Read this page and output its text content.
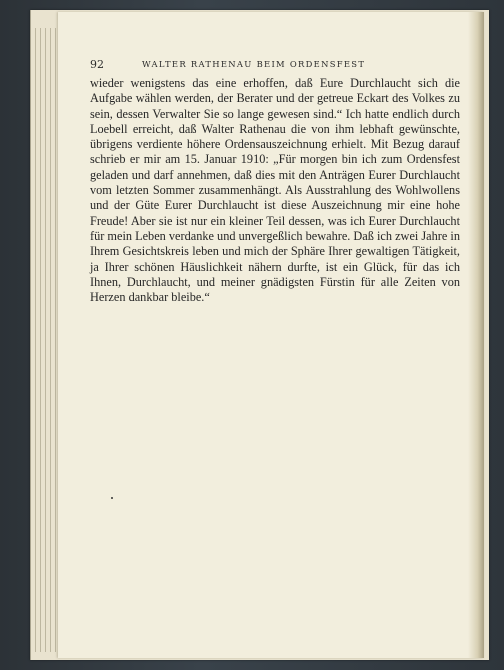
92	WALTER RATHENAU BEIM ORDENSFEST
wieder wenigstens das eine erhoffen, daß Eure Durchlaucht sich die
Aufgabe wählen werden, der Berater und der getreue Eckart des Volkes zu
sein, dessen Verwalter Sie so lange gewesen sind.“ Ich hatte endlich durch
Loebell erreicht, daß Walter Rathenau die von ihm lebhaft gewünschte,
übrigens verdiente höhere Ordensauszeichnung erhielt. Mit Bezug darauf
schrieb er mir am 15. Januar 1910: „Für morgen bin ich zum Ordensfest
geladen und darf annehmen, daß dies mit den Anträgen Eurer Durchlaucht
vom letzten Sommer zusammenhängt. Als Ausstrahlung des Wohlwollens
und der Güte Eurer Durchlaucht ist diese Auszeichnung mir eine hohe
Freude! Aber sie ist nur ein kleiner Teil dessen, was ich Eurer Durchlaucht
für mein Leben verdanke und unvergeßlich bewahre. Daß ich zwei Jahre in
Ihrem Gesichtskreis leben und mich der Sphäre Ihrer gewaltigen Tätigkeit,
ja Ihrer schönen Häuslichkeit nähern durfte, ist ein Glück, für das ich
Ihnen, Durchlaucht, und meiner gnädigsten Fürstin für alle Zeiten von
Herzen dankbar bleibe.“
